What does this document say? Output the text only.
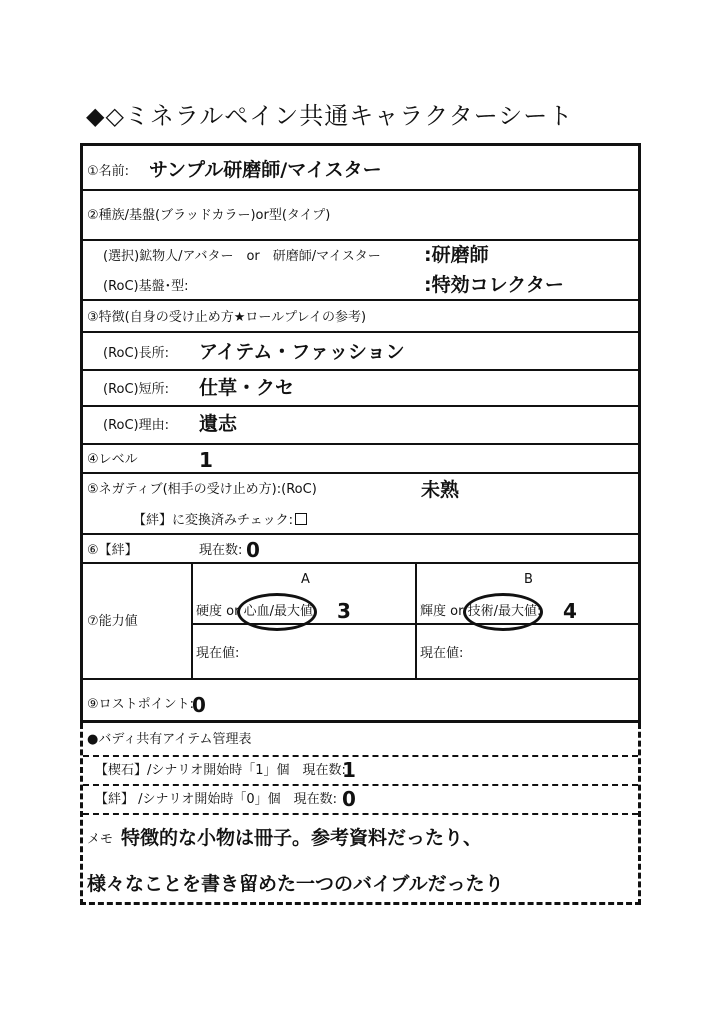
◆◇ミネラルペイン共通キャラクターシート
①名前: サンプル研磨師/マイスター
②種族/基盤(ブラッドカラー)or型(タイプ)
(選択)鉱物人/アバター　or　研磨師/マイスター :研磨師
(RoC)基盤･型:	:特効コレクター
③特徴(自身の受け止め方★ロールプレイの参考)
(RoC)長所: アイテム・ファッション
(RoC)短所: 仕草・クセ
(RoC)理由: 遺志
④レベル	1
⑤ネガティブ(相手の受け止め方):(RoC)	未熟
【絆】に変換済みチェック:
⑥【絆】	現在数: 0
⑦能力値
A	B
硬度 or 心血/最大値: 3	輝度 or 技術/最大値: 4
現在値:	現在値:
⑨ロストポイント:
0
●バディ共有アイテム管理表
【楔石】/シナリオ開始時「1」個　現在数:
1
【絆】 /シナリオ開始時「0」個　現在数: 0
メモ 特徴的な小物は冊子。参考資料だったり、
様々なことを書き留めた一つのバイブルだったり
